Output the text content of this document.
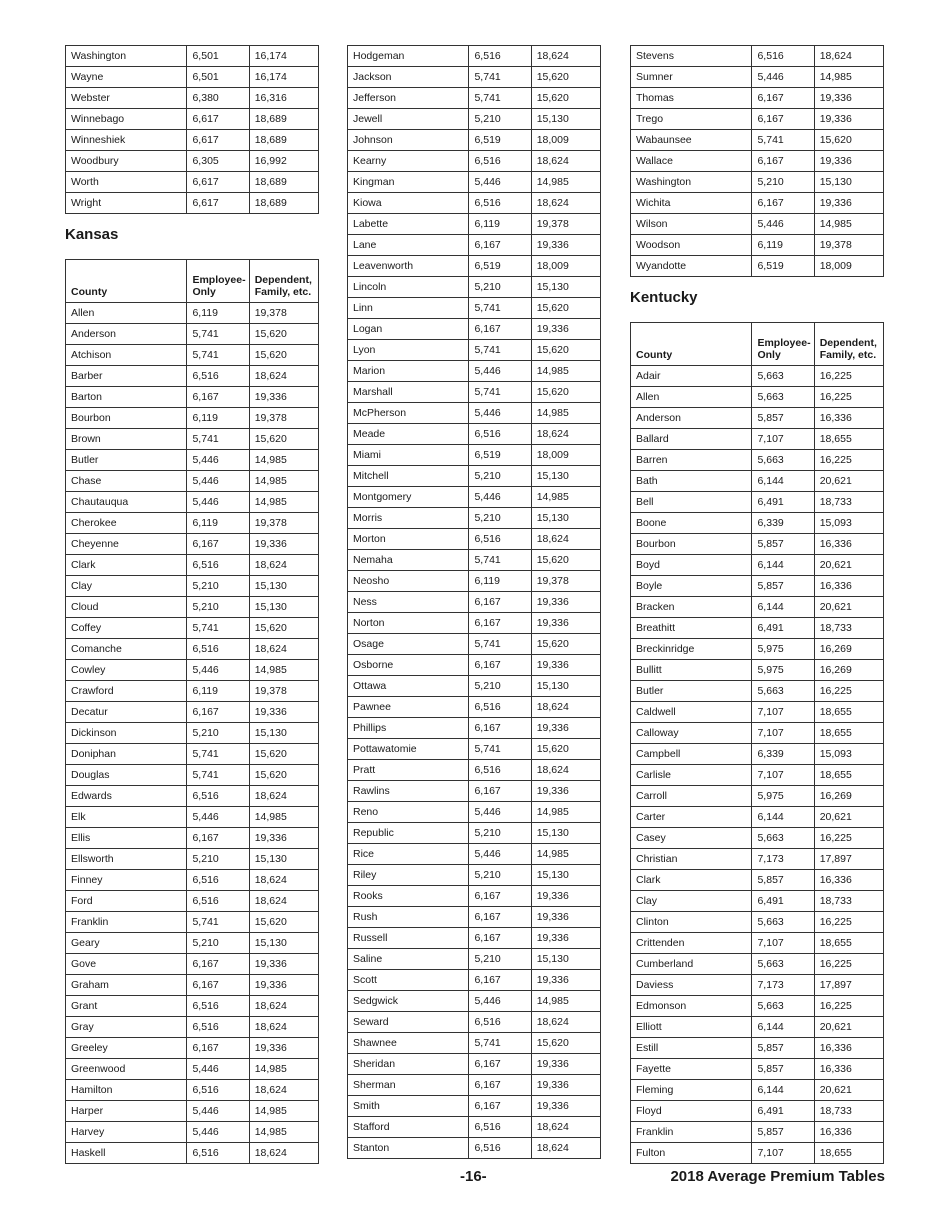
Washington	6,501	16,174
Wayne	6,501	16,174
Webster	6,380	16,316
Winnebago	6,617	18,689
Winneshiek	6,617	18,689
Woodbury	6,305	16,992
Worth	6,617	18,689
Wright	6,617	18,689
Kansas
County	Employee-Only	Dependent, Family, etc.
Allen	6,119	19,378
Anderson	5,741	15,620
Atchison	5,741	15,620
Barber	6,516	18,624
Barton	6,167	19,336
Bourbon	6,119	19,378
Brown	5,741	15,620
Butler	5,446	14,985
Chase	5,446	14,985
Chautauqua	5,446	14,985
Cherokee	6,119	19,378
Cheyenne	6,167	19,336
Clark	6,516	18,624
Clay	5,210	15,130
Cloud	5,210	15,130
Coffey	5,741	15,620
Comanche	6,516	18,624
Cowley	5,446	14,985
Crawford	6,119	19,378
Decatur	6,167	19,336
Dickinson	5,210	15,130
Doniphan	5,741	15,620
Douglas	5,741	15,620
Edwards	6,516	18,624
Elk	5,446	14,985
Ellis	6,167	19,336
Ellsworth	5,210	15,130
Finney	6,516	18,624
Ford	6,516	18,624
Franklin	5,741	15,620
Geary	5,210	15,130
Gove	6,167	19,336
Graham	6,167	19,336
Grant	6,516	18,624
Gray	6,516	18,624
Greeley	6,167	19,336
Greenwood	5,446	14,985
Hamilton	6,516	18,624
Harper	5,446	14,985
Harvey	5,446	14,985
Haskell	6,516	18,624
Hodgeman	6,516	18,624
Jackson	5,741	15,620
Jefferson	5,741	15,620
Jewell	5,210	15,130
Johnson	6,519	18,009
Kearny	6,516	18,624
Kingman	5,446	14,985
Kiowa	6,516	18,624
Labette	6,119	19,378
Lane	6,167	19,336
Leavenworth	6,519	18,009
Lincoln	5,210	15,130
Linn	5,741	15,620
Logan	6,167	19,336
Lyon	5,741	15,620
Marion	5,446	14,985
Marshall	5,741	15,620
McPherson	5,446	14,985
Meade	6,516	18,624
Miami	6,519	18,009
Mitchell	5,210	15,130
Montgomery	5,446	14,985
Morris	5,210	15,130
Morton	6,516	18,624
Nemaha	5,741	15,620
Neosho	6,119	19,378
Ness	6,167	19,336
Norton	6,167	19,336
Osage	5,741	15,620
Osborne	6,167	19,336
Ottawa	5,210	15,130
Pawnee	6,516	18,624
Phillips	6,167	19,336
Pottawatomie	5,741	15,620
Pratt	6,516	18,624
Rawlins	6,167	19,336
Reno	5,446	14,985
Republic	5,210	15,130
Rice	5,446	14,985
Riley	5,210	15,130
Rooks	6,167	19,336
Rush	6,167	19,336
Russell	6,167	19,336
Saline	5,210	15,130
Scott	6,167	19,336
Sedgwick	5,446	14,985
Seward	6,516	18,624
Shawnee	5,741	15,620
Sheridan	6,167	19,336
Sherman	6,167	19,336
Smith	6,167	19,336
Stafford	6,516	18,624
Stanton	6,516	18,624
Stevens	6,516	18,624
Sumner	5,446	14,985
Thomas	6,167	19,336
Trego	6,167	19,336
Wabaunsee	5,741	15,620
Wallace	6,167	19,336
Washington	5,210	15,130
Wichita	6,167	19,336
Wilson	5,446	14,985
Woodson	6,119	19,378
Wyandotte	6,519	18,009
Kentucky
County	Employee-Only	Dependent, Family, etc.
Adair	5,663	16,225
Allen	5,663	16,225
Anderson	5,857	16,336
Ballard	7,107	18,655
Barren	5,663	16,225
Bath	6,144	20,621
Bell	6,491	18,733
Boone	6,339	15,093
Bourbon	5,857	16,336
Boyd	6,144	20,621
Boyle	5,857	16,336
Bracken	6,144	20,621
Breathitt	6,491	18,733
Breckinridge	5,975	16,269
Bullitt	5,975	16,269
Butler	5,663	16,225
Caldwell	7,107	18,655
Calloway	7,107	18,655
Campbell	6,339	15,093
Carlisle	7,107	18,655
Carroll	5,975	16,269
Carter	6,144	20,621
Casey	5,663	16,225
Christian	7,173	17,897
Clark	5,857	16,336
Clay	6,491	18,733
Clinton	5,663	16,225
Crittenden	7,107	18,655
Cumberland	5,663	16,225
Daviess	7,173	17,897
Edmonson	5,663	16,225
Elliott	6,144	20,621
Estill	5,857	16,336
Fayette	5,857	16,336
Fleming	6,144	20,621
Floyd	6,491	18,733
Franklin	5,857	16,336
Fulton	7,107	18,655
-16-	2018 Average Premium Tables
